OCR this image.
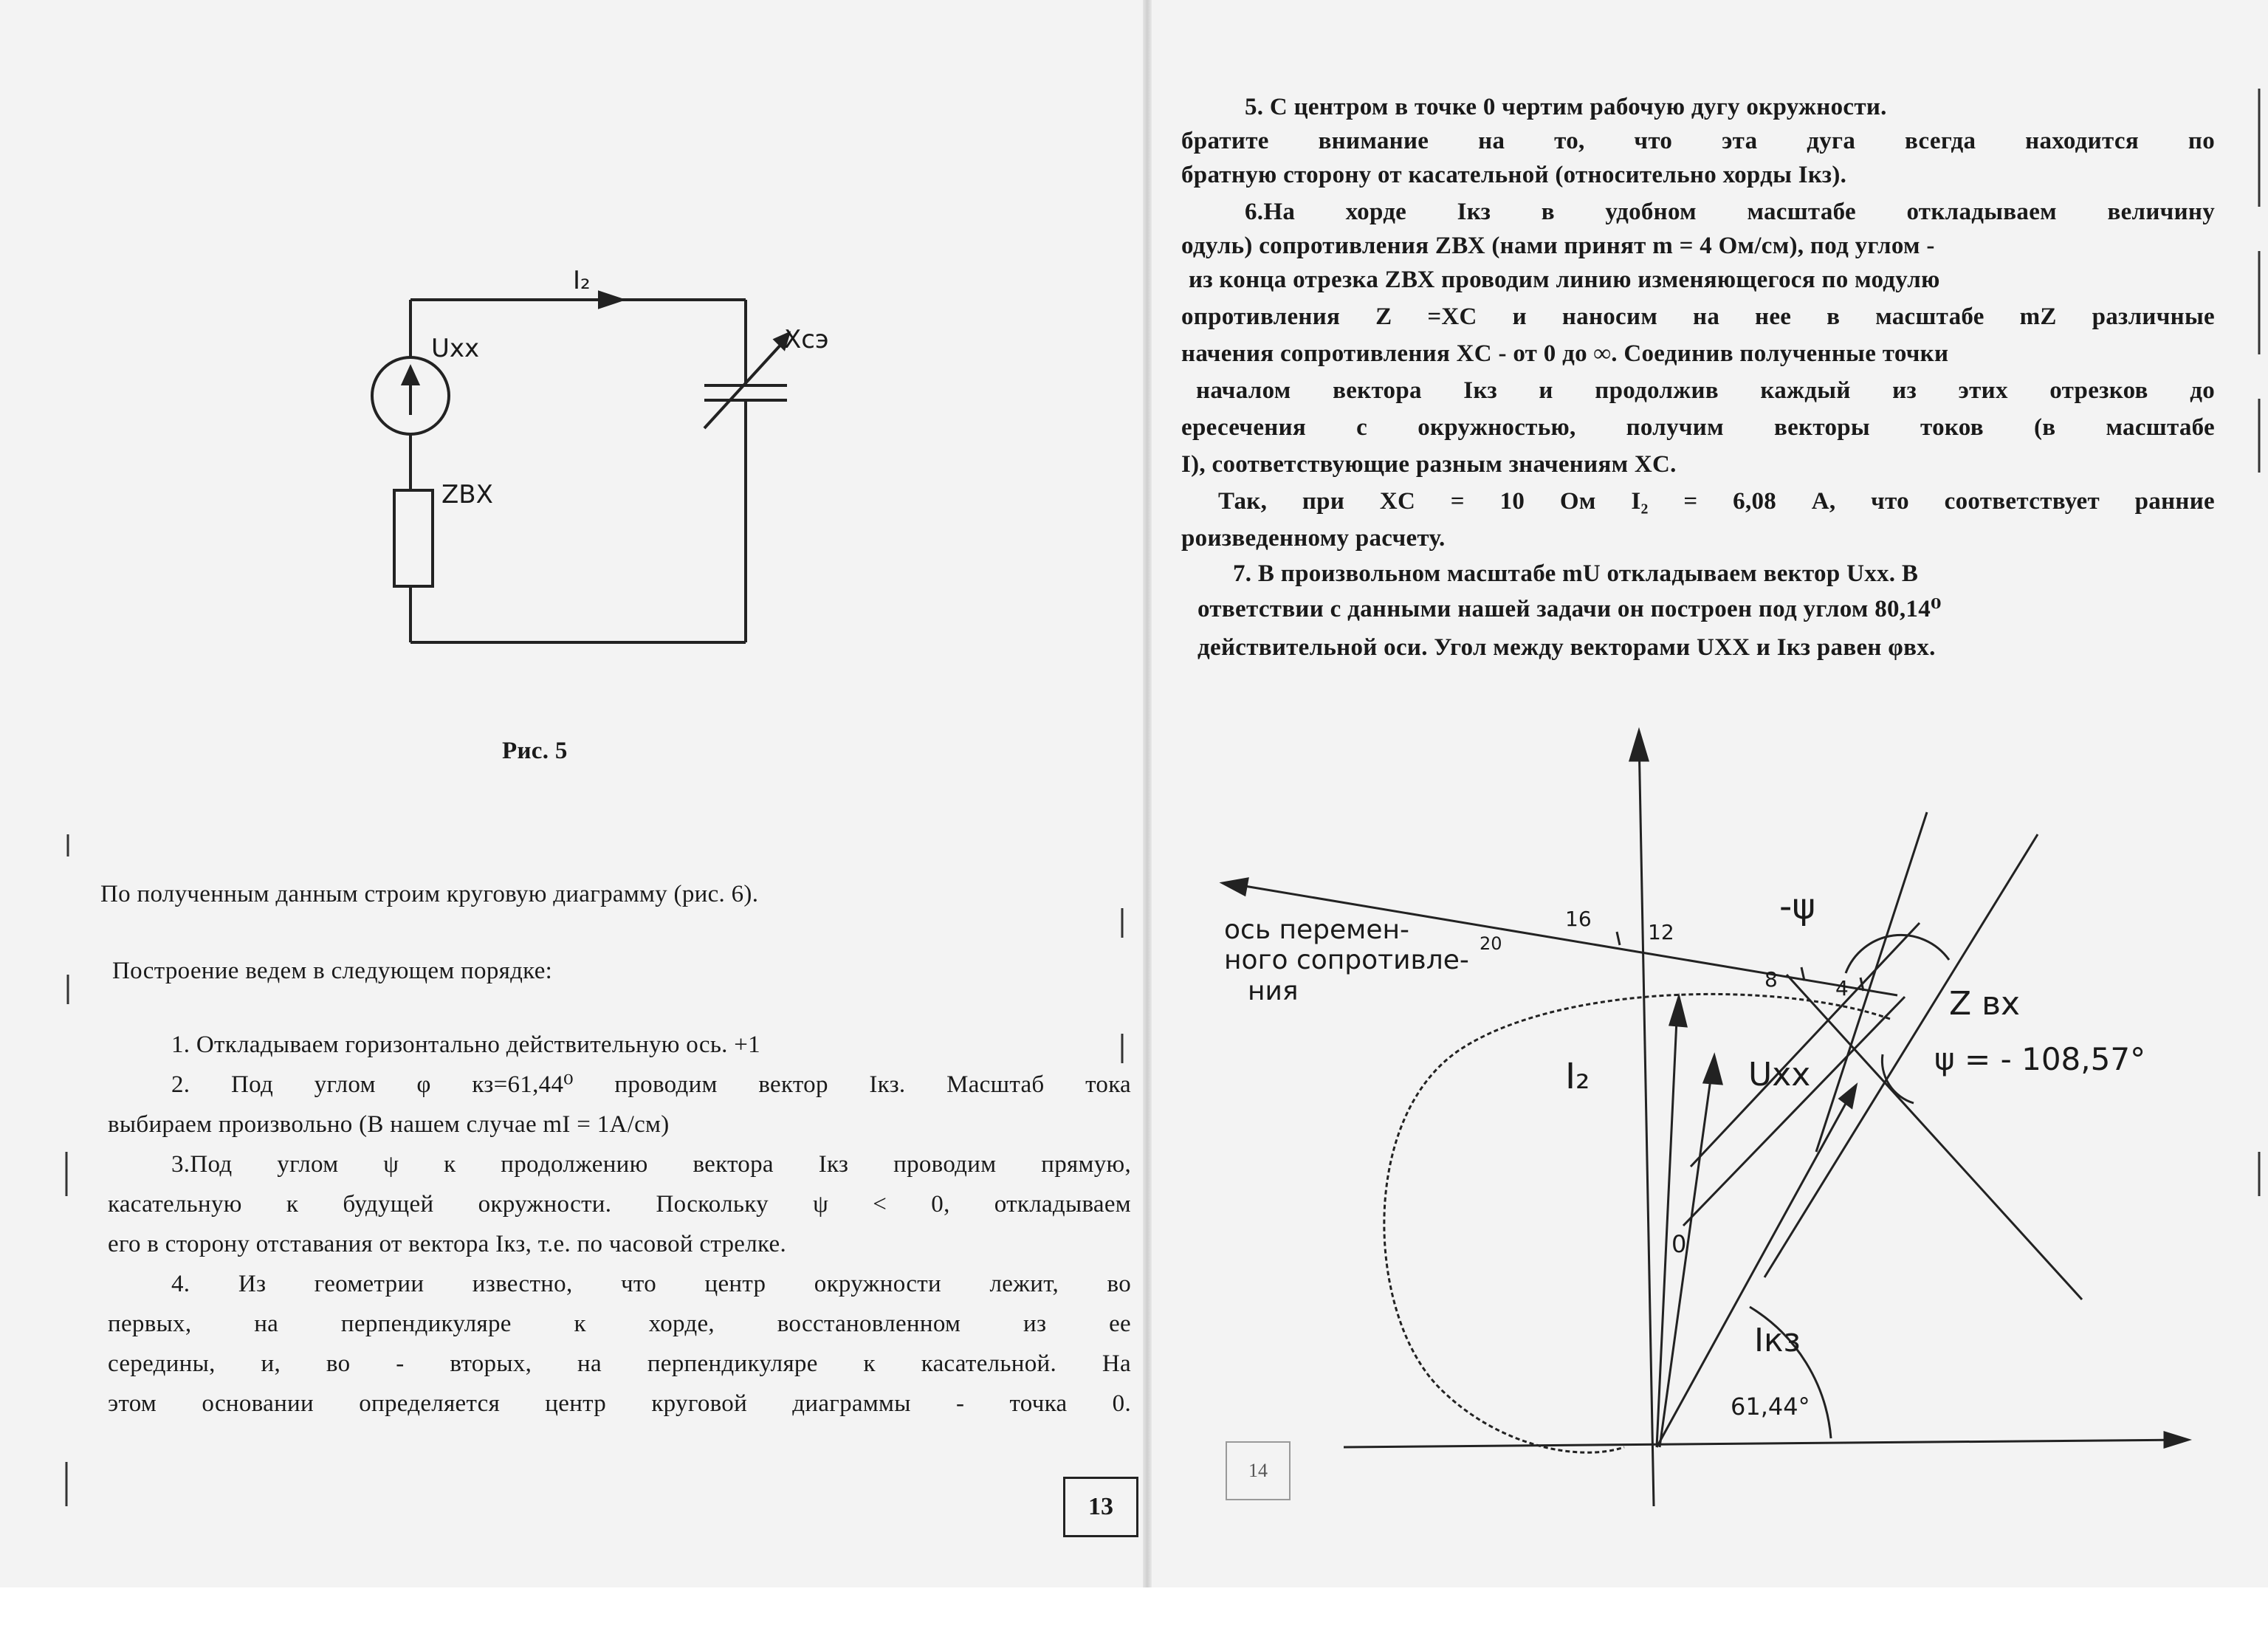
I₂
Uхх	Xсэ
ZВХ
Рис. 5
По полученным данным строим круговую диаграмму (рис. 6).
Построение ведем в следующем порядке:
1. Откладываем горизонтально действительную ось. +1
2. Под углом φ кз=61,44⁰ проводим вектор Iкз. Масштаб тока
выбираем произвольно (В нашем случае mI = 1А/см)
3.Под углом ψ к продолжению вектора Iкз проводим прямую,
касательную к будущей окружности. Поскольку ψ < 0, откладываем
его в сторону отставания от вектора Iкз, т.е. по часовой стрелке.
4. Из геометрии известно, что центр окружности лежит, во
первых, на перпендикуляре к хорде, восстановленном из ее
середины, и, во - вторых, на перпендикуляре к касательной. На
этом основании определяется центр круговой диаграммы - точка 0.
13
5. С центром в точке 0 чертим рабочую дугу окружности.
братите внимание на то, что эта дуга всегда находится по
братную сторону от касательной (относительно хорды Iкз).
6.На хорде Iкз в удобном масштабе откладываем величину
одуль) сопротивления ZВХ (нами принят m = 4 Ом/см), под углом -
из конца отрезка ZВХ проводим линию изменяющегося по модулю
опротивления Z =XC и наносим на нее в масштабе mZ различные
начения сопротивления XC - от 0 до ∞. Соединив полученные точки
началом вектора Iкз и продолжив каждый из этих отрезков до
ересечения с окружностью, получим векторы токов (в масштабе
I), соответствующие разным значениям XC.
Так, при XC = 10 Ом I₂ = 6,08 А, что соответствует ранние
роизведенному расчету.
7. В произвольном масштабе mU откладываем вектор Uхх. В
ответствии с данными нашей задачи он построен под углом 80,14⁰
действительной оси. Угол между векторами UXX и Iкз равен φвх.
ось перемен-
ного сопротивле-
ния
16
12
20
8	4
-ψ
Z вх
ψ = - 108,57°
I₂	Uхх
0
Iкз
61,44°
14
